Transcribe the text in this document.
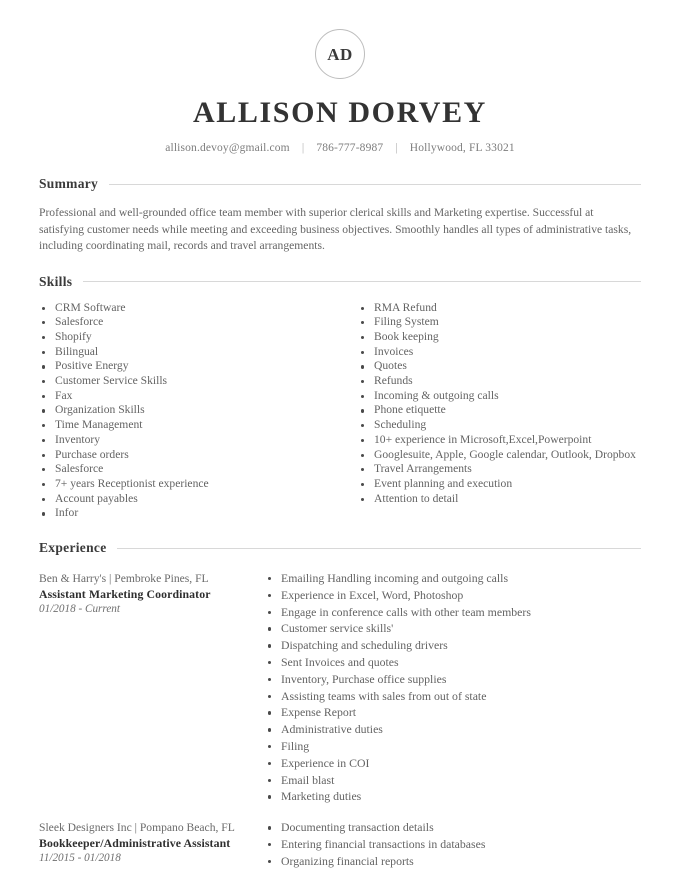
AD
ALLISON DORVEY
allison.devoy@gmail.com | 786-777-8987 | Hollywood, FL 33021
Summary
Professional and well-grounded office team member with superior clerical skills and Marketing expertise. Successful at satisfying customer needs while meeting and exceeding business objectives. Smoothly handles all types of administrative tasks, including coordinating mail, records and travel arrangements.
Skills
CRM Software
Salesforce
Shopify
Bilingual
Positive Energy
Customer Service Skills
Fax
Organization Skills
Time Management
Inventory
Purchase orders
Salesforce
7+ years Receptionist experience
Account payables
Infor
RMA Refund
Filing System
Book keeping
Invoices
Quotes
Refunds
Incoming & outgoing calls
Phone etiquette
Scheduling
10+ experience in Microsoft,Excel,Powerpoint
Googlesuite, Apple, Google calendar, Outlook, Dropbox
Travel Arrangements
Event planning and execution
Attention to detail
Experience
Ben & Harry's | Pembroke Pines, FL
Assistant Marketing Coordinator
01/2018 - Current
Emailing Handling incoming and outgoing calls
Experience in Excel, Word, Photoshop
Engage in conference calls with other team members
Customer service skills'
Dispatching and scheduling drivers
Sent Invoices and quotes
Inventory, Purchase office supplies
Assisting teams with sales from out of state
Expense Report
Administrative duties
Filing
Experience in COI
Email blast
Marketing duties
Sleek Designers Inc | Pompano Beach, FL
Bookkeeper/Administrative Assistant
11/2015 - 01/2018
Documenting transaction details
Entering financial transactions in databases
Organizing financial reports
